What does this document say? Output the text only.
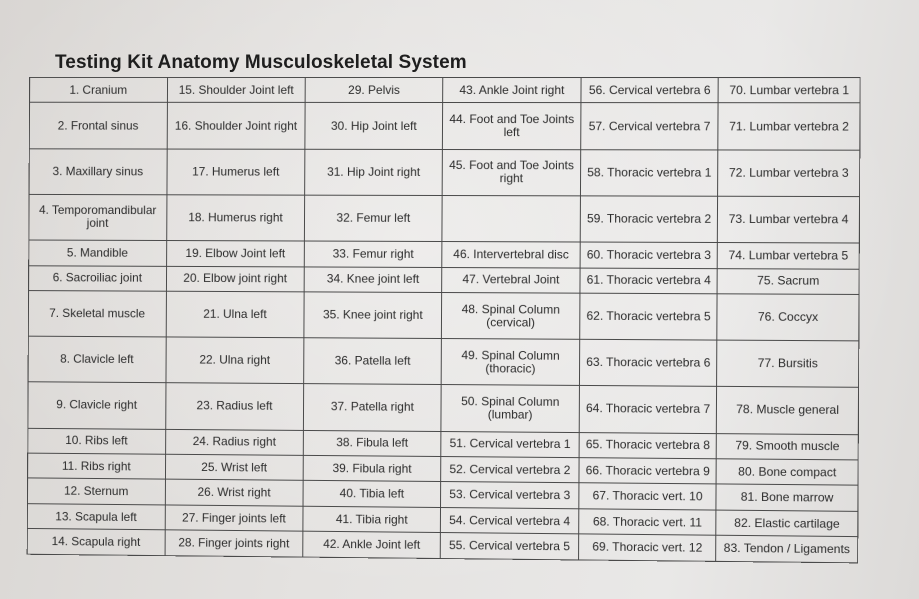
Testing Kit Anatomy Musculoskeletal System
1. Cranium	15. Shoulder Joint left	29. Pelvis	43. Ankle Joint right	56. Cervical vertebra 6	70. Lumbar vertebra 1
2. Frontal sinus	16. Shoulder Joint right	30. Hip Joint left	44. Foot and Toe Joints left	57. Cervical vertebra 7	71. Lumbar vertebra 2
3. Maxillary sinus	17. Humerus left	31. Hip Joint right	45. Foot and Toe Joints right	58. Thoracic vertebra 1	72. Lumbar vertebra 3
4. Temporomandibular joint	18. Humerus right	32. Femur left		59. Thoracic vertebra 2	73. Lumbar vertebra 4
5. Mandible	19. Elbow Joint left	33. Femur right	46. Intervertebral disc	60. Thoracic vertebra 3	74. Lumbar vertebra 5
6. Sacroiliac joint	20. Elbow joint right	34. Knee joint left	47. Vertebral Joint	61. Thoracic vertebra 4	75. Sacrum
7. Skeletal muscle	21. Ulna left	35. Knee joint right	48. Spinal Column (cervical)	62. Thoracic vertebra 5	76. Coccyx
8. Clavicle left	22. Ulna right	36. Patella left	49. Spinal Column (thoracic)	63. Thoracic vertebra 6	77. Bursitis
9. Clavicle right	23. Radius left	37. Patella right	50. Spinal Column (lumbar)	64. Thoracic vertebra 7	78. Muscle general
10. Ribs left	24. Radius right	38. Fibula left	51. Cervical vertebra 1	65. Thoracic vertebra 8	79. Smooth muscle
11. Ribs right	25. Wrist left	39. Fibula right	52. Cervical vertebra 2	66. Thoracic vertebra 9	80. Bone compact
12. Sternum	26. Wrist right	40. Tibia left	53. Cervical vertebra 3	67. Thoracic vert. 10	81. Bone marrow
13. Scapula left	27. Finger joints left	41. Tibia right	54. Cervical vertebra 4	68. Thoracic vert. 11	82. Elastic cartilage
14. Scapula right	28. Finger joints right	42. Ankle Joint left	55. Cervical vertebra 5	69. Thoracic vert. 12	83. Tendon / Ligaments
